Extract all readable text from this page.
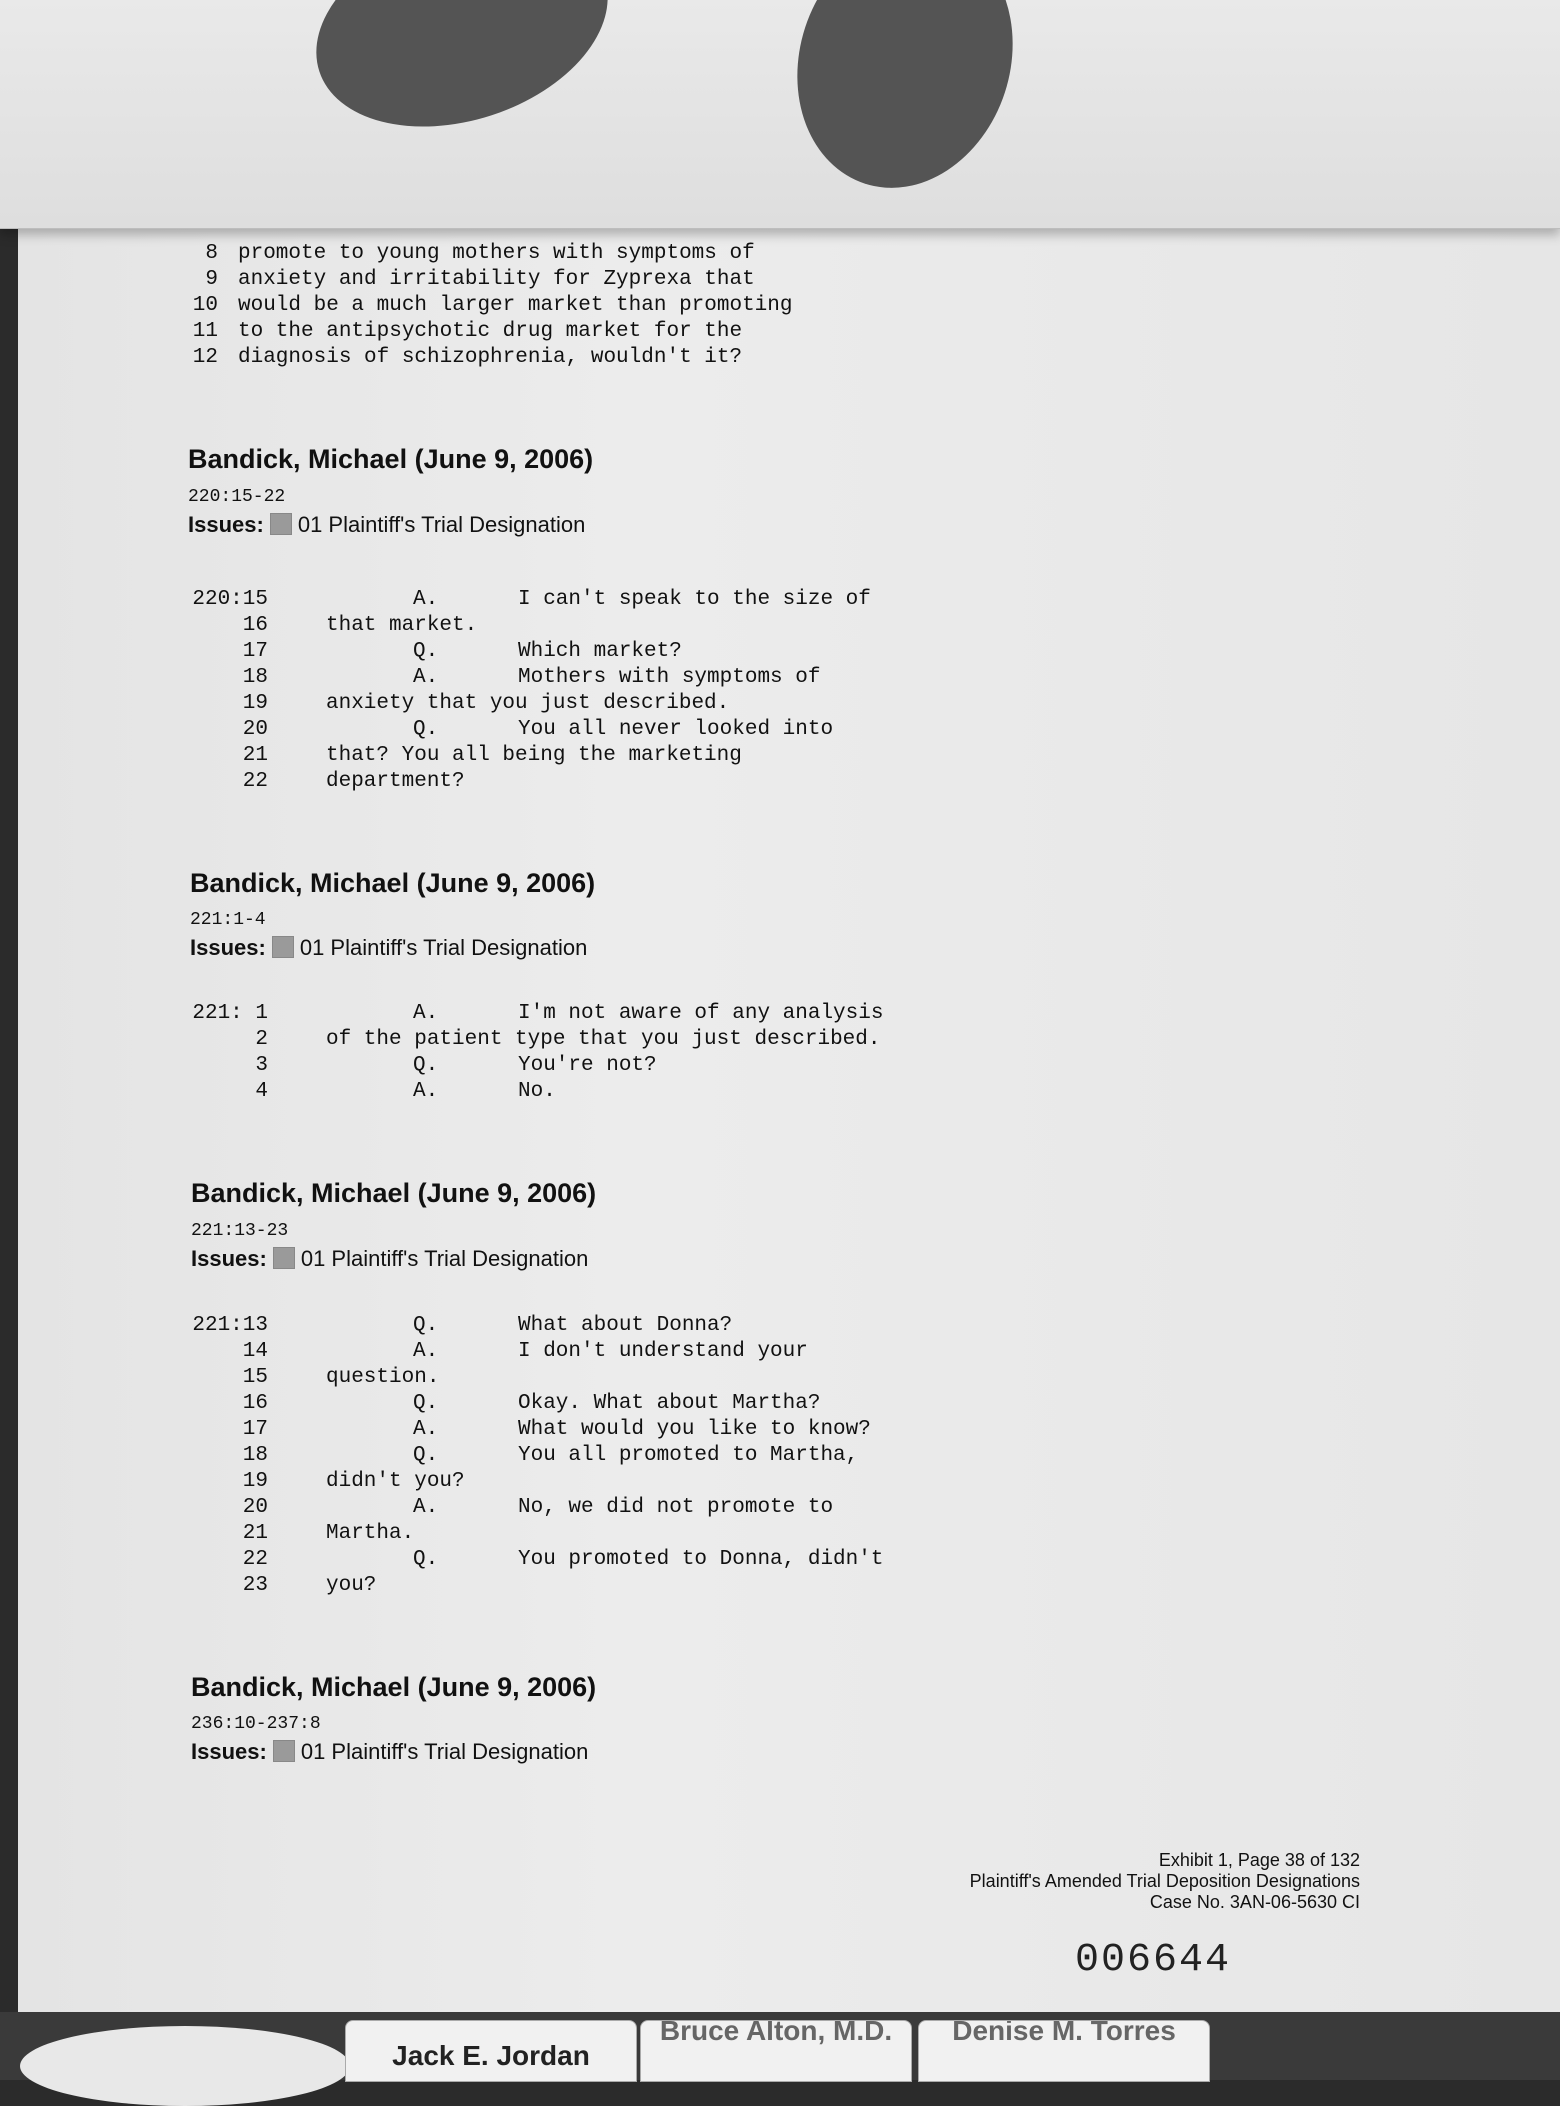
8 promote to young mothers with symptoms of
9 anxiety and irritability for Zyprexa that
10 would be a much larger market than promoting
11 to the antipsychotic drug market for the
12 diagnosis of schizophrenia, wouldn't it?
Bandick, Michael (June 9, 2006)
220:15-22
Issues: 01 Plaintiff's Trial Designation
220:15	A.	I can't speak to the size of
16	that market.
17	Q.	Which market?
18	A.	Mothers with symptoms of
19	anxiety that you just described.
20	Q.	You all never looked into
21	that? You all being the marketing
22	department?
Bandick, Michael (June 9, 2006)
221:1-4
Issues: 01 Plaintiff's Trial Designation
221: 1	A.	I'm not aware of any analysis
2	of the patient type that you just described.
3	Q.	You're not?
4	A.	No.
Bandick, Michael (June 9, 2006)
221:13-23
Issues: 01 Plaintiff's Trial Designation
221:13	Q.	What about Donna?
14	A.	I don't understand your
15	question.
16	Q.	Okay. What about Martha?
17	A.	What would you like to know?
18	Q.	You all promoted to Martha,
19	didn't you?
20	A.	No, we did not promote to
21	Martha.
22	Q.	You promoted to Donna, didn't
23	you?
Bandick, Michael (June 9, 2006)
236:10-237:8
Issues: 01 Plaintiff's Trial Designation
Exhibit 1, Page 38 of 132
Plaintiff's Amended Trial Deposition Designations
Case No. 3AN-06-5630 CI
006644
Jack E. Jordan
Bruce Alton, M.D.	Denise M. Torres
